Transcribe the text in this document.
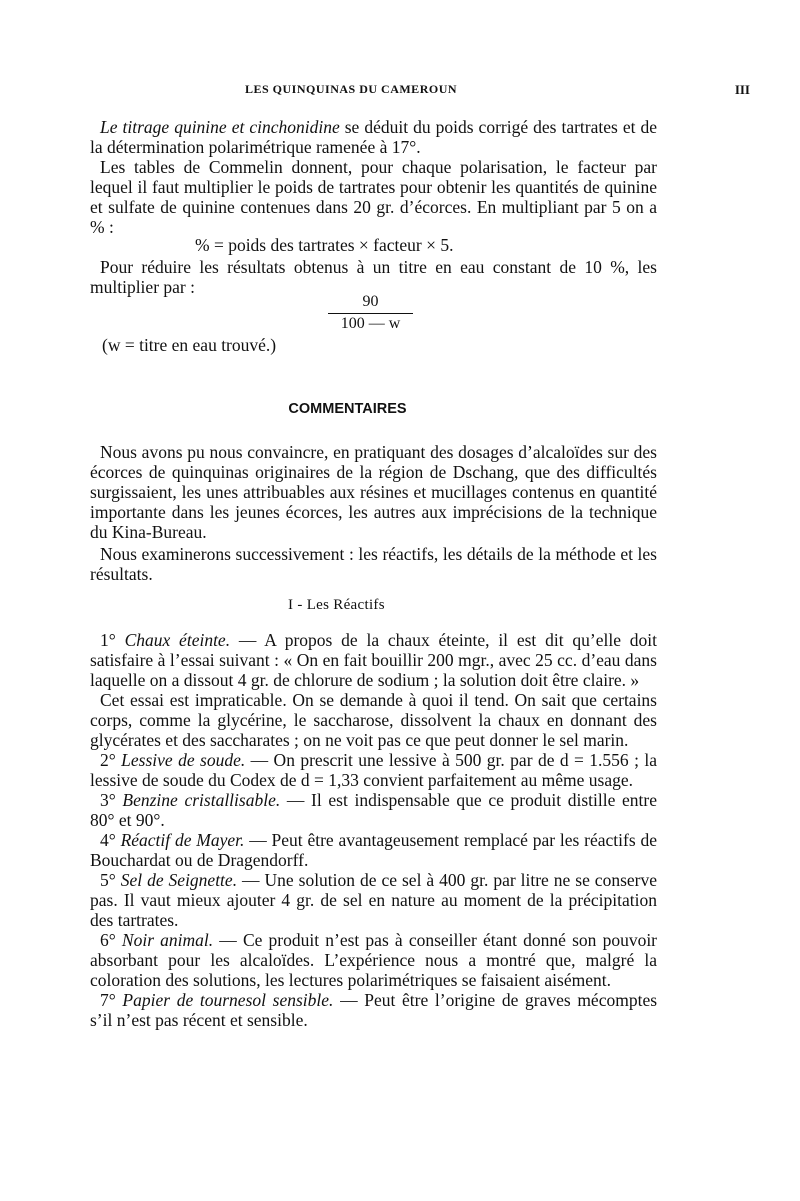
LES QUINQUINAS DU CAMEROUN	III

Le titrage quinine et cinchonidine se déduit du poids corrigé des tartrates et de la détermination polarimétrique ramenée à 17°.

Les tables de Commelin donnent, pour chaque polarisation, le facteur par lequel il faut multiplier le poids de tartrates pour obtenir les quantités de quinine et sulfate de quinine contenues dans 20 gr. d’écorces. En multipliant par 5 on a % :

% = poids des tartrates × facteur × 5.

Pour réduire les résultats obtenus à un titre en eau constant de 10 %, les multiplier par :

$\frac{90}{100 — w}$
(w = titre en eau trouvé.)
COMMENTAIRES

Nous avons pu nous convaincre, en pratiquant des dosages d’alcaloïdes sur des écorces de quinquinas originaires de la région de Dschang, que des difficultés surgissaient, les unes attribuables aux résines et mucillages contenus en quantité importante dans les jeunes écorces, les autres aux imprécisions de la technique du Kina-Bureau.

Nous examinerons successivement : les réactifs, les détails de la méthode et les résultats.

I - Les Réactifs

1° Chaux éteinte. — A propos de la chaux éteinte, il est dit qu’elle doit satisfaire à l’essai suivant : « On en fait bouillir 200 mgr., avec 25 cc. d’eau dans laquelle on a dissout 4 gr. de chlorure de sodium ; la solution doit être claire. »

Cet essai est impraticable. On se demande à quoi il tend. On sait que certains corps, comme la glycérine, le saccharose, dissolvent la chaux en donnant des glycérates et des saccharates ; on ne voit pas ce que peut donner le sel marin.

2° Lessive de soude. — On prescrit une lessive à 500 gr. par de d = 1.556 ; la lessive de soude du Codex de d = 1,33 convient parfaitement au même usage.

3° Benzine cristallisable. — Il est indispensable que ce produit distille entre 80° et 90°.

4° Réactif de Mayer. — Peut être avantageusement remplacé par les réactifs de Bouchardat ou de Dragendorff.

5° Sel de Seignette. — Une solution de ce sel à 400 gr. par litre ne se conserve pas. Il vaut mieux ajouter 4 gr. de sel en nature au moment de la précipitation des tartrates.

6° Noir animal. — Ce produit n’est pas à conseiller étant donné son pouvoir absorbant pour les alcaloïdes. L’expérience nous a montré que, malgré la coloration des solutions, les lectures polarimétriques se faisaient aisément.

7° Papier de tournesol sensible. — Peut être l’origine de graves mécomptes s’il n’est pas récent et sensible.
